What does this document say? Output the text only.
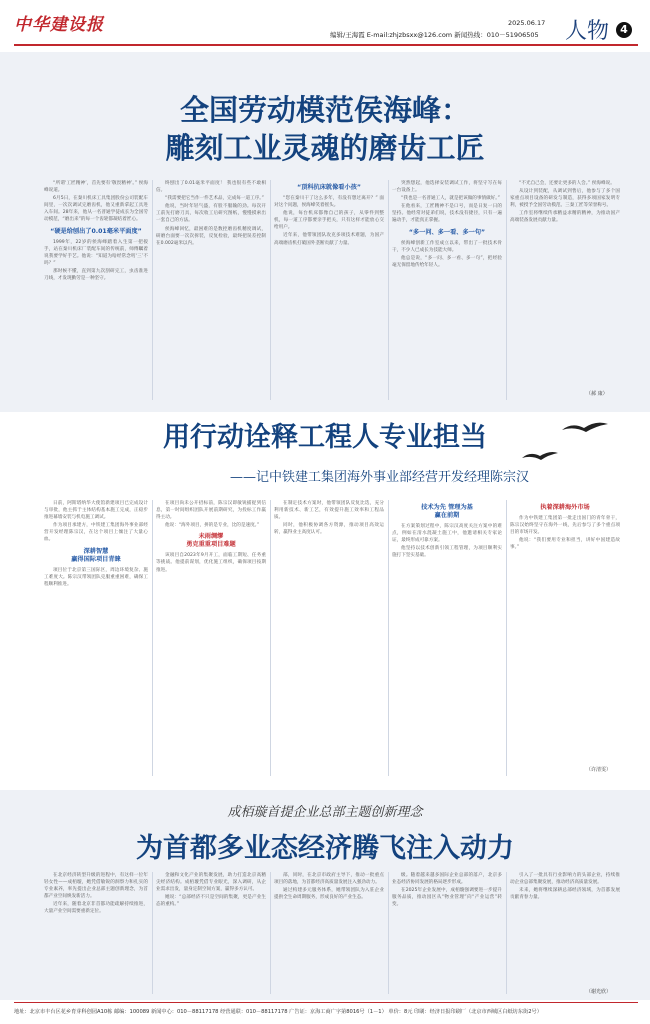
中华建设报	2025.06.17
编辑/王海霞 E-mail:zhjzbsxx@126.com 新闻热线：010－51906505 人物	4
全国劳动模范侯海峰：
雕刻工业灵魂的磨齿工匠

“所谓‘工匠精神’，首先要有‘敬畏精神’。” 侯海峰说道。

6月5日，在秦川机床工具集团股份公司装配车间里，一次次调试完磨齿机，他又重新拿起工具进入车间。28年来，他从一名普通学徒成长为全国劳动模范，“磨出来”的每一个齿轮都凝结着匠心。

“硬是给刨出了0.01毫米平面度”

1999年，22岁的侯海峰踏着入生第一把扳手，站在秦川机床厂装配车间的传统前，师傅瞩着说我要学好手艺。他说：“知道为啥经常念叨‘三’不吗？”

那时候不懂，直到第九次刮研完工，虫齿准进刀线，才发现勤劳是一种坚守。

终刨出了0.01毫米平面度！ 我也很有些不敢相信。

“我需要把它当作一件艺术品，完成每一道工序。”

他说，当时年轻气盛，有股不服输的劲。每次开工前先打磨刀具，每次收工后研究图纸，慢慢摸索出一套自己的方法。

侯海峰回忆，最困难的是数控磨齿机精度调试，研磨台面要一次次拆装，反复检验，最终把误差控制在0.002毫米以内。

“顶科抗床就像看小孩”

“您在秦川干了这么多年，有没有想过离开？” 面对这个问题，侯海峰笑着摇头。

他说，每台机床都像自己的孩子，从零件到整机，每一道工序都要亲手把关，只有这样才能放心交给用户。

近年来，他带领团队攻克多项技术难题，为国产高端磨齿机打破国外垄断贡献了力量。

突然想起，他选择安装调试工作，将坚守写在每一台设备上。

“我也是一名普通工人，就是把该做的事情做好。”

在他看来，工匠精神不是口号，而是日复一日的坚持。他经常对徒弟们说，技术没有捷径，只有一遍遍动手，才能真正掌握。

“多一问、多一看、多一句”

侯海峰创新工作室成立以来，带出了一批技术骨干，不少人已成长为技能大师。

他总是说，“多一问、多一看、多一句”，把经验毫无保留地传给年轻人。

“不光自己会，还要让更多的人会。” 侯海峰说。

从设计到装配，从调试到售后，他参与了多个国家重点项目设备的研发与制造，获得多项国家发明专利，被授予全国劳动模范、三秦工匠等荣誉称号。

工作室将继续传承精益求精的精神，为推动国产高端装备发展贡献力量。

（郝 康）
用行动诠释工程人专业担当
——记中铁建工集团海外事业部经营开发经理陈宗汉

日前，阿斯塔纳华大使馆新建项目已完成设计与审批，他主抓于主体结构基本施工完成，正稳步推进幕墙安装与机电施工调试。

作为项目承建方，中铁建工集团海外事业部经营开发经理陈宗汉，在这个项目上倾注了大量心血。

深耕智慧
赢得国际项目青睐

项目位于北京第三国际区，周边环境复杂、施工难度大。陈宗汉带领团队克服重重困难，确保工程顺利推进。

在项目尚未公开招标前，陈宗汉即敏锐捕捉到信息，第一时间组织团队开展前期研究，为投标工作赢得主动。

他说：“海外项目，拼的是专业，比的是速度。”

未雨绸缪
勇克重重项目难题

该项目自2023年9月开工，面临工期短、任务重等挑战。他提前谋划，优化施工组织，确保项目按期推进。

在制定技术方案时，他带领团队反复比选，充分利用新技术、新工艺，有效提升施工效率和工程品质。

同时，他积极协调各方资源，推动项目高效运转，赢得业主高度认可。

技术为先 管理为基
赢在前期

在方案策划过程中，陈宗汉高度关注方案中的难点，例如在清水混凝土施工中，他邀请相关专家论证，最终形成可靠方案。

他坚持以技术创新引领工程管理，为项目顺利实施打下坚实基础。

执着深耕海外市场

作为中铁建工集团第一批走出国门的青年骨干，陈宗汉始终坚守在海外一线，先后参与了多个重点项目的市场开发。

他说：“我们要用专业和担当，讲好中国建造故事。”

（许清雯）
成栢璇首提企业总部主题创新理念
为首都多业态经济腾飞注入动力

在北京经济转型升级的进程中，有这样一位年轻女性——成栢璇，她凭借敏锐的洞察力和扎实的专业素养，率先提出企业总部主题创新理念，为首都产业空间焕发新活力。

近年来，随着北京非首都功能疏解持续推进，大量产业空间需要重新定位。

金融和文化产业的集聚发展，助力打造北京高精尖经济结构。成栢璇凭借专业眼光，深入调研，从企业需求出发，量身定制空间方案，赢得多方认可。

她说：“总部经济不只是空间的集聚，更是产业生态的重构。”

部，同时，在北京市政府主导下，推动一批重点项目的落地，为首都经济高质量发展注入强劲动力。

通过构建多元服务体系，她带领团队为入驻企业提供全生命周期服务，形成良好的产业生态。

级。随着越来越多国际企业总部的落户，北京多业态经济协同发展的格局逐步形成。

在2025年企业发展中，成栢璇强调要进一步提升服务品质，推动园区从“物业管理”向“产业运营”转变。

引入了一批具有行业影响力的头部企业，持续推动企业总部集聚发展，推动经济高质量发展。

未来，她将继续深耕总部经济领域，为首都发展贡献青春力量。

（谢光欣）
地址：北京市丰台区花乡育芽科创园A10栋 邮编：100089 新闻中心：010－88117178 经营通联：010－88117178 广告证：京海工商广字第8016号（1－1） 单价：8元 印刷：经济日报印刷厂（北京市西城区白纸坊东街2号）
